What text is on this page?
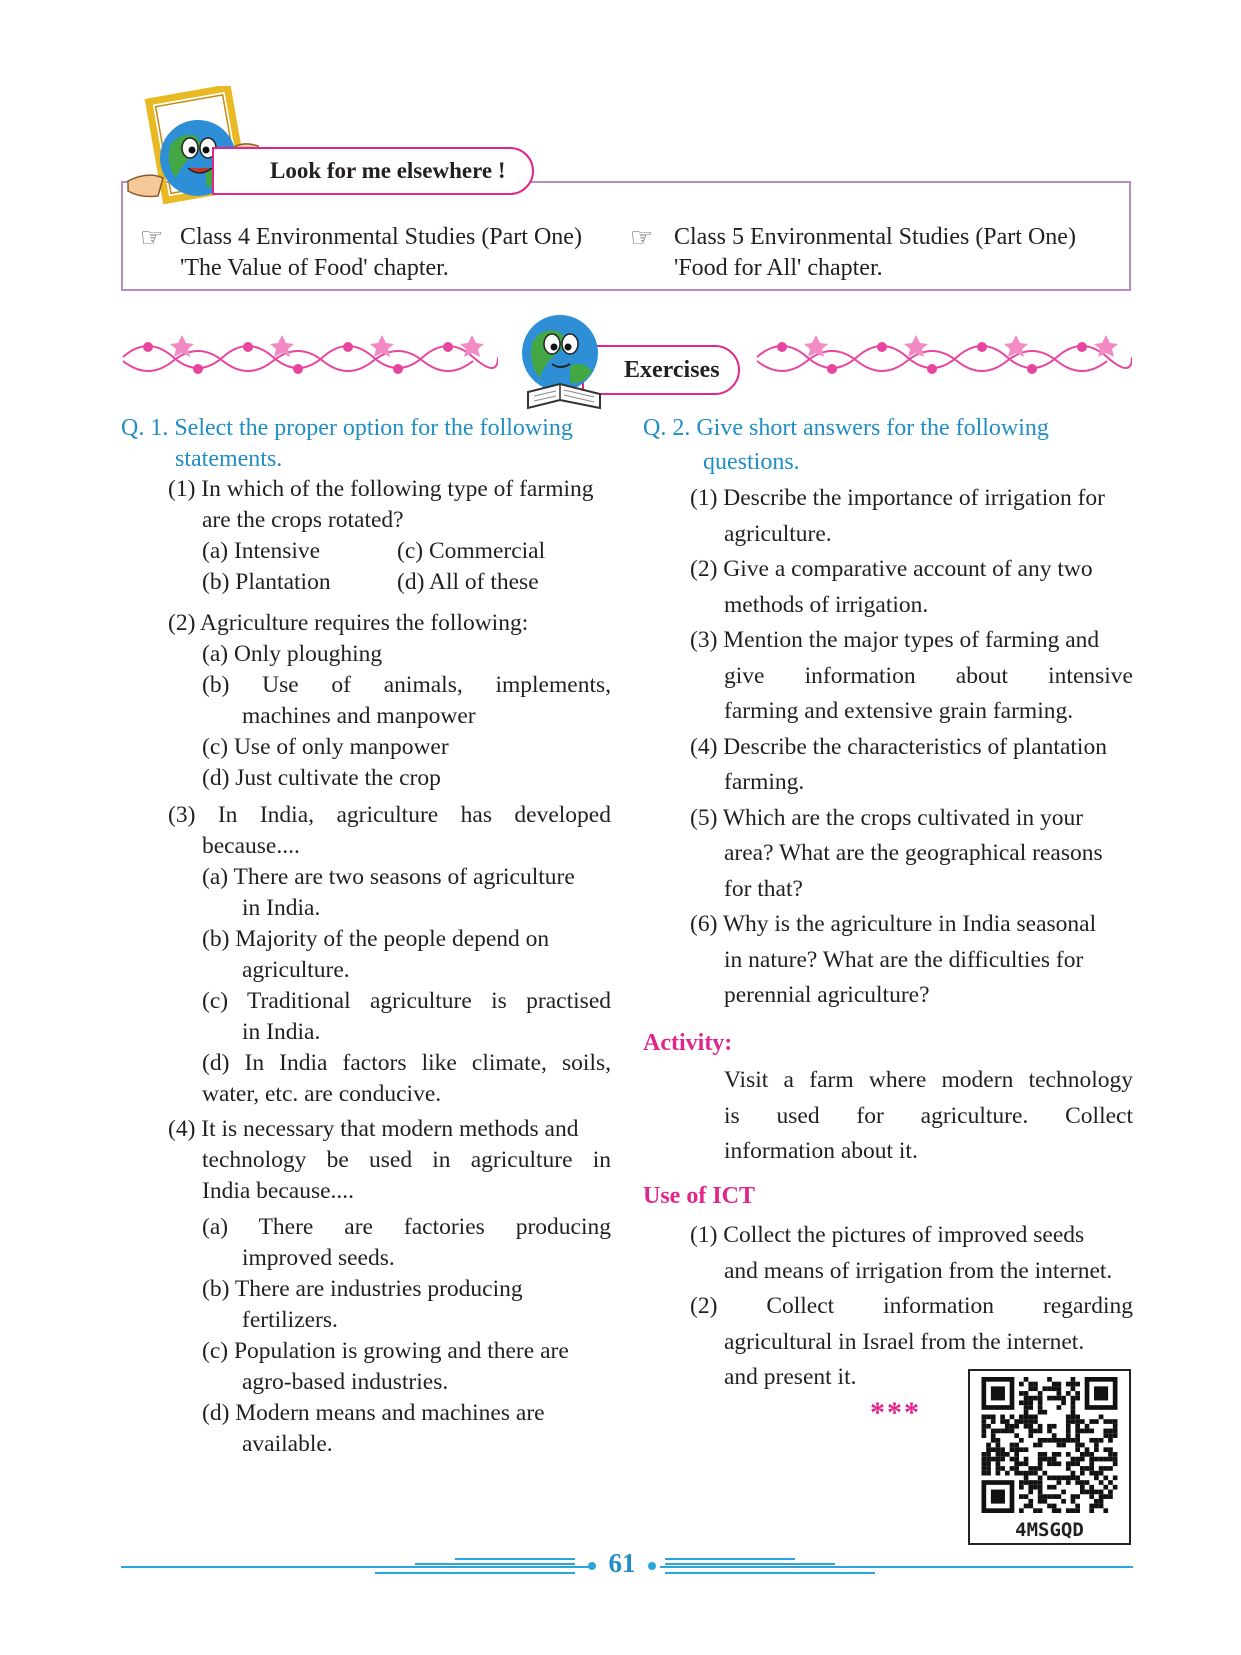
Look for me elsewhere !
☞ Class 4 Environmental Studies (Part One)
'The Value of Food' chapter.
☞ Class 5 Environmental Studies (Part One)
'Food for All' chapter.
Exercises
Q. 1. Select the proper option for the following
statements.
(1) In which of the following type of farming
are the crops rotated?
(a) Intensive	(c) Commercial
(b) Plantation	(d) All of these
(2) Agriculture requires the following:
(a) Only ploughing
(b) Use of animals, implements,
machines and manpower
(c) Use of only manpower
(d) Just cultivate the crop
(3) In India, agriculture has developed
because....
(a) There are two seasons of agriculture
in India.
(b) Majority of the people depend on
agriculture.
(c) Traditional agriculture is practised
in India.
(d) In India factors like climate, soils,
water, etc. are conducive.
(4) It is necessary that modern methods and
technology be used in agriculture in
India because....
(a) There are factories producing
improved seeds.
(b) There are industries producing
fertilizers.
(c) Population is growing and there are
agro-based industries.
(d) Modern means and machines are
available.
Q. 2. Give short answers for the following
questions.
(1) Describe the importance of irrigation for
agriculture.
(2) Give a comparative account of any two
methods of irrigation.
(3) Mention the major types of farming and
give information about intensive
farming and extensive grain farming.
(4) Describe the characteristics of plantation
farming.
(5) Which are the crops cultivated in your
area? What are the geographical reasons
for that?
(6) Why is the agriculture in India seasonal
in nature? What are the difficulties for
perennial agriculture?
Activity:
Visit a farm where modern technology
is used for agriculture. Collect
information about it.
Use of ICT
(1) Collect the pictures of improved seeds
and means of irrigation from the internet.
(2) Collect information regarding
agricultural in Israel from the internet.
and present it.
***
4MSGQD
61
